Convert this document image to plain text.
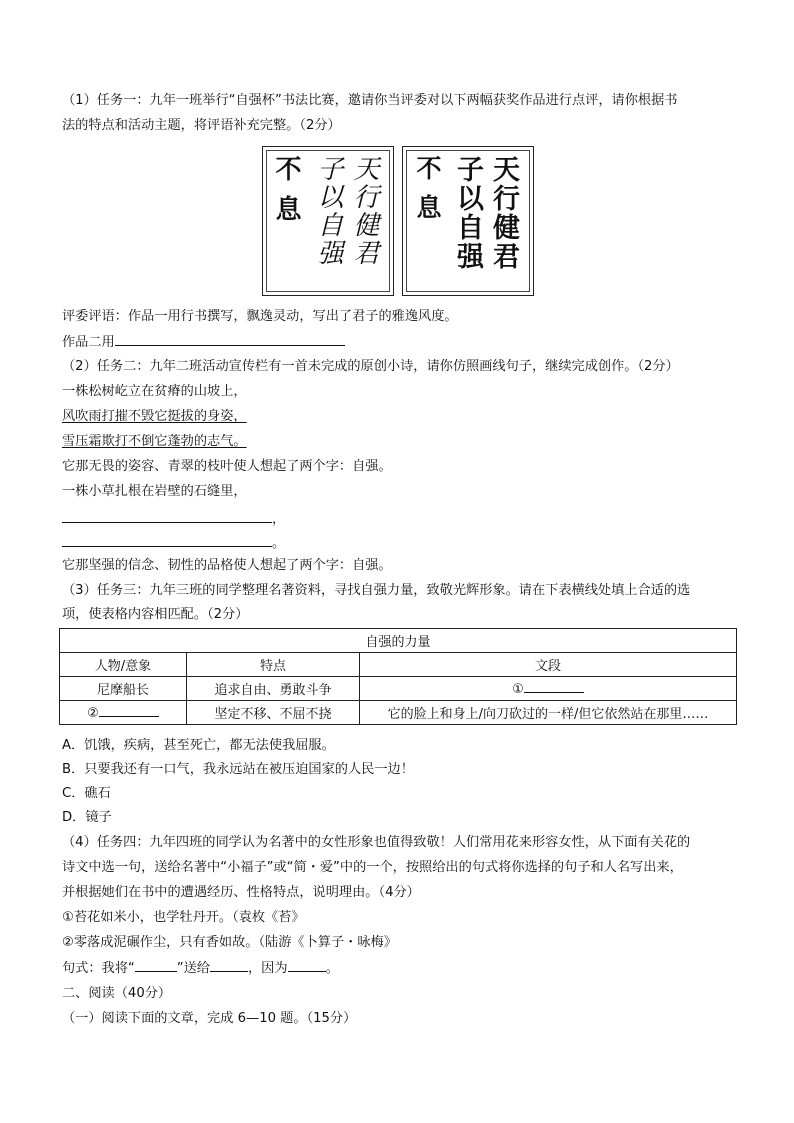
（1）任务一：九年一班举行“自强杯”书法比赛，邀请你当评委对以下两幅获奖作品进行点评，请你根据书
法的特点和活动主题，将评语补充完整。（2分）
天行健君
子以自强
不息	天行健君
子以自强
不息
评委评语：作品一用行书撰写，飘逸灵动，写出了君子的雅逸风度。
作品二用
（2）任务二：九年二班活动宣传栏有一首未完成的原创小诗，请你仿照画线句子，继续完成创作。（2分）
一株松树屹立在贫瘠的山坡上，
风吹雨打摧不毁它挺拔的身姿，
雪压霜欺打不倒它蓬勃的志气。
它那无畏的姿容、青翠的枝叶使人想起了两个字：自强。
一株小草扎根在岩壁的石缝里，
，
。
它那坚强的信念、韧性的品格使人想起了两个字：自强。
（3）任务三：九年三班的同学整理名著资料，寻找自强力量，致敬光辉形象。请在下表横线处填上合适的选
项，使表格内容相匹配。（2分）
自强的力量		
人物/意象	特点	文段
尼摩船长	追求自由、勇敢斗争	①
②	坚定不移、不屈不挠	它的脸上和身上/向刀砍过的一样/但它依然站在那里……
A．饥饿，疾病，甚至死亡，都无法使我屈服。
B．只要我还有一口气，我永远站在被压迫国家的人民一边！
C．礁石
D．镜子
（4）任务四：九年四班的同学认为名著中的女性形象也值得致敬！人们常用花来形容女性，从下面有关花的
诗文中选一句，送给名著中“小福子”或“简・爱”中的一个，按照给出的句式将你选择的句子和人名写出来，
并根据她们在书中的遭遇经历、性格特点，说明理由。（4分）
①苔花如米小，也学牡丹开。（袁枚《苔》
②零落成泥碾作尘，只有香如故。（陆游《卜算子・咏梅》
句式：我将“	”送给	，因为	。
二、阅读（40分）
（一）阅读下面的文章，完成 6—10 题。（15分）
